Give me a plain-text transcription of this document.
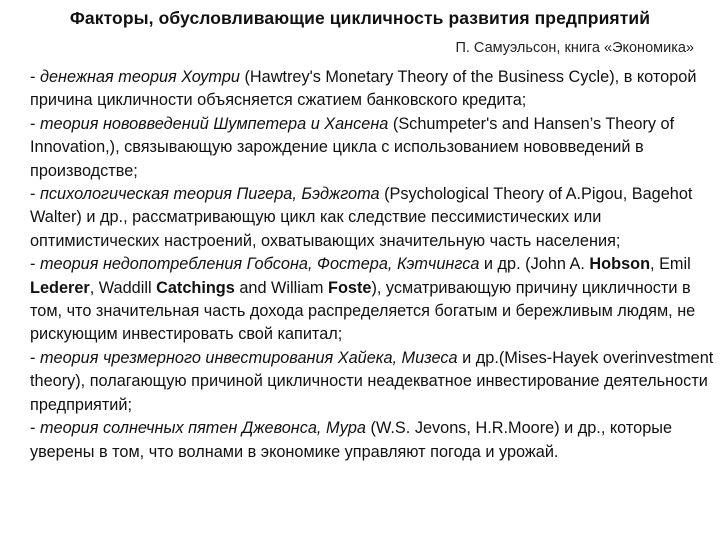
Факторы, обусловливающие цикличность развития предприятий
П. Самуэльсон, книга «Экономика»

- денежная теория Хоутри (Hawtrey's Monetary Theory of the Business Cycle), в которой причина цикличности объясняется сжатием банковского кредита;

- теория нововведений Шумпетера и Хансена (Schumpeter's and Hansen’s Theory of Innovation,), связывающую зарождение цикла с использованием нововведений в производстве;

- психологическая теория Пигера, Бэджгота (Psychological Theory of A.Pigou, Bagehot Walter) и др., рассматривающую цикл как следствие пессимистических или оптимистических настроений, охватывающих значительную часть населения;

- теория недопотребления Гобсона, Фостера, Кэтчингса и др. (John A. Hobson, Emil Lederer, Waddill Catchings and William Foste), усматривающую причину цикличности в том, что значительная часть дохода распределяется богатым и бережливым людям, не рискующим инвестировать свой капитал;

- теория чрезмерного инвестирования Хайека, Мизеса и др.(Mises-Hayek overinvestment theory), полагающую причиной цикличности неадекватное инвестирование деятельности предприятий;

- теория солнечных пятен Джевонса, Мура (W.S. Jevons, H.R.Moore) и др., которые уверены в том, что волнами в экономике управляют погода и урожай.
